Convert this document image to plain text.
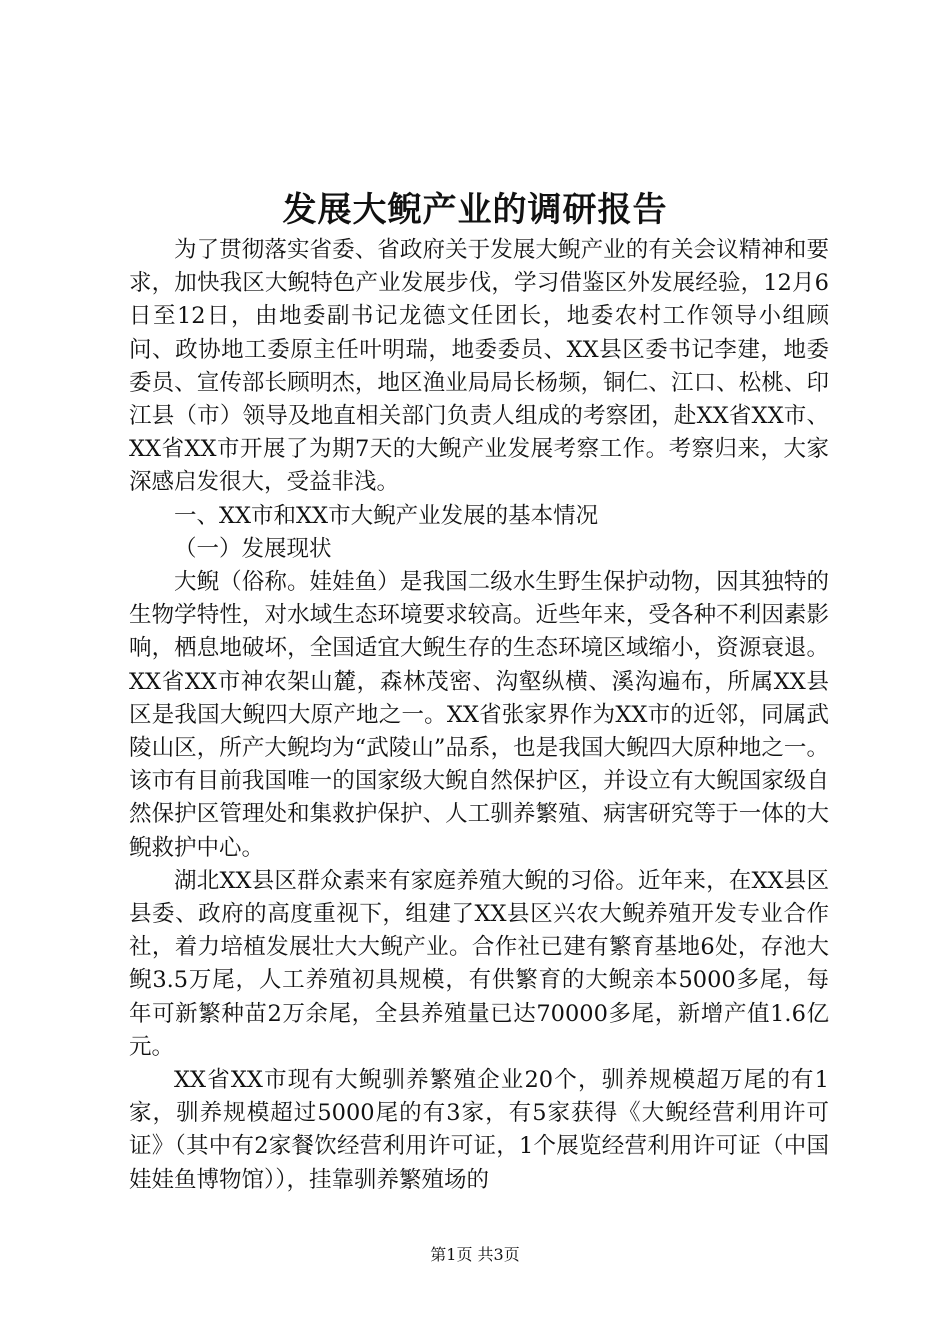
发展大鲵产业的调研报告

为了贯彻落实省委、省政府关于发展大鲵产业的有关会议精神和要求，加快我区大鲵特色产业发展步伐，学习借鉴区外发展经验，12月6日至12日，由地委副书记龙德文任团长，地委农村工作领导小组顾问、政协地工委原主任叶明瑞，地委委员、XX县区委书记李建，地委委员、宣传部长顾明杰，地区渔业局局长杨频，铜仁、江口、松桃、印江县（市）领导及地直相关部门负责人组成的考察团，赴XX省XX市、XX省XX市开展了为期7天的大鲵产业发展考察工作。考察归来，大家深感启发很大，受益非浅。

一、XX市和XX市大鲵产业发展的基本情况

（一）发展现状

大鲵（俗称。娃娃鱼）是我国二级水生野生保护动物，因其独特的生物学特性，对水域生态环境要求较高。近些年来，受各种不利因素影响，栖息地破坏，全国适宜大鲵生存的生态环境区域缩小，资源衰退。XX省XX市神农架山麓，森林茂密、沟壑纵横、溪沟遍布，所属XX县区是我国大鲵四大原产地之一。XX省张家界作为XX市的近邻，同属武陵山区，所产大鲵均为“武陵山”品系，也是我国大鲵四大原种地之一。该市有目前我国唯一的国家级大鲵自然保护区，并设立有大鲵国家级自然保护区管理处和集救护保护、人工驯养繁殖、病害研究等于一体的大鲵救护中心。

湖北XX县区群众素来有家庭养殖大鲵的习俗。近年来，在XX县区县委、政府的高度重视下，组建了XX县区兴农大鲵养殖开发专业合作社，着力培植发展壮大大鲵产业。合作社已建有繁育基地6处，存池大鲵3.5万尾，人工养殖初具规模，有供繁育的大鲵亲本5000多尾，每年可新繁种苗2万余尾，全县养殖量已达70000多尾，新增产值1.6亿元。

XX省XX市现有大鲵驯养繁殖企业20个，驯养规模超万尾的有1家，驯养规模超过5000尾的有3家，有5家获得《大鲵经营利用许可证》（其中有2家餐饮经营利用许可证，1个展览经营利用许可证（中国娃娃鱼博物馆）），挂靠驯养繁殖场的

第1页 共3页
